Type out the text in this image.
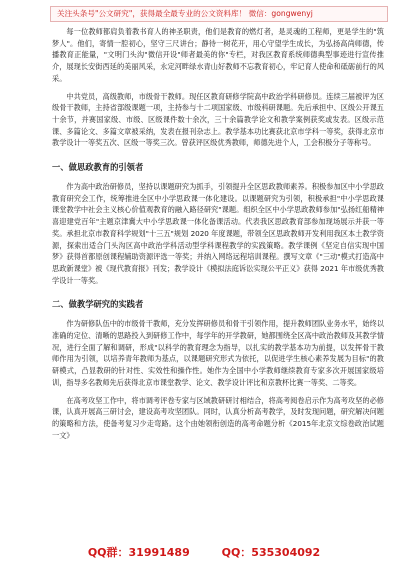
关注头条号"公文研究"，获得最全最专业的公文资料库！ 微信：gongwenyj

每一位教师都肩负着教书育人的神圣职责，他们是教育的燃灯者，是灵魂的工程师，更是学生的"筑梦人"。他们，寄情一腔初心，坚守三尺讲台；静待一树花开，用心守望学生成长，为弘扬高尚师德，传播教育正能量，"文明门头沟"微信开设"师者最美的你"专栏，对我区教育系统师德典型事迹进行宣传推介，展现长安街西延的美丽风采，永定河畔绿水青山好教师不忘教育初心，牢记育人使命和砥砺前行的风采。

中共党员，高级教师，市级骨干教师。现任区教育研修学院高中政治学科研修员。连续三届被评为区级骨干教师，主持省部级课题一项，主持参与十二项国家级、市级科研课题。先后承担中、区级公开课五十余节，并赛国家级、市级、区级课件数十余次，三十余篇教学论文和教学案例获奖或发表。区级示范课、多篇论文、多篇文章被采纳，发表在报刊杂志上。教学基本功比赛获北京市学科一等奖，获得北京市教学设计一等奖五次、区级一等奖三次。曾获评区级优秀教师，师德先进个人，工会积极分子等称号。

一、做思政教育的引领者

作为高中政治研修员，坚持以课题研究为抓手，引领提升全区思政教师素养。积极参加区中小学思政教育研究会工作，统筹推进全区中小学思政课一体化建设。以课题研究为引领，积极承担"中小学思政课课堂教学中社会主义核心价值观教育的融入路径研究"课题。组织全区中小学思政教师参加"弘扬红船精神 喜迎建党百年"主题京津冀大中小学思政课一体化备课活动。代表我区思政教育部参加现场展示并获一等奖。承担北京市教育科学规划"十三五"规划 2020 年度课题，带领全区思政教师开发利用我区本土教学资源，探索出适合门头沟区高中政治学科活动型学科课程教学的实践策略。教学课例《坚定自信实现中国梦》获得首都原创课程辅助资源评选一等奖；并纳入网络远程培训课程。撰写文章《"三动"模式打造高中思政新课堂》被《现代教育报》刊发；教学设计《模拟法庭诉讼实现公平正义》获得 2021 年市级优秀教学设计一等奖。

二、做教学研究的实践者

作为研修队伍中的市级骨干教师，充分发挥研修员和骨干引领作用，提升教师团队业务水平，始终以准确的定位、清晰的思路投入到研修工作中，每学年的开学教研，她都围绕全区高中政治教师及其教学情况，进行全面了解和调研，形成"以科学的教育理念为指导，以扎实的教学基本功为前提，以发挥骨干教师作用为引领，以培养青年教师为基点，以课题研究形式为依托，以促进学生核心素养发展为目标"的教研模式，凸显教研的针对性、实效性和操作性。她作为全国中小学教师继续教育专家多次开展国家级培训，指导多名教师先后获得北京市课堂教学、论文、教学设计评比和京教杯比赛一等奖、二等奖。

在高考攻坚工作中，将市调考评卷专家与区域教研研讨相结合，将高考阅卷启示作为高考攻坚的必修课，认真开展高三研讨会，建设高考攻坚团队。同时，认真分析高考教学，及时发现问题，研究解决问题的策略和方法，使备考复习少走弯路。这个由她领衔创造的高考命题分析《2015年北京文综卷政治试题一文》

QQ群：31991489	QQ：535304092
